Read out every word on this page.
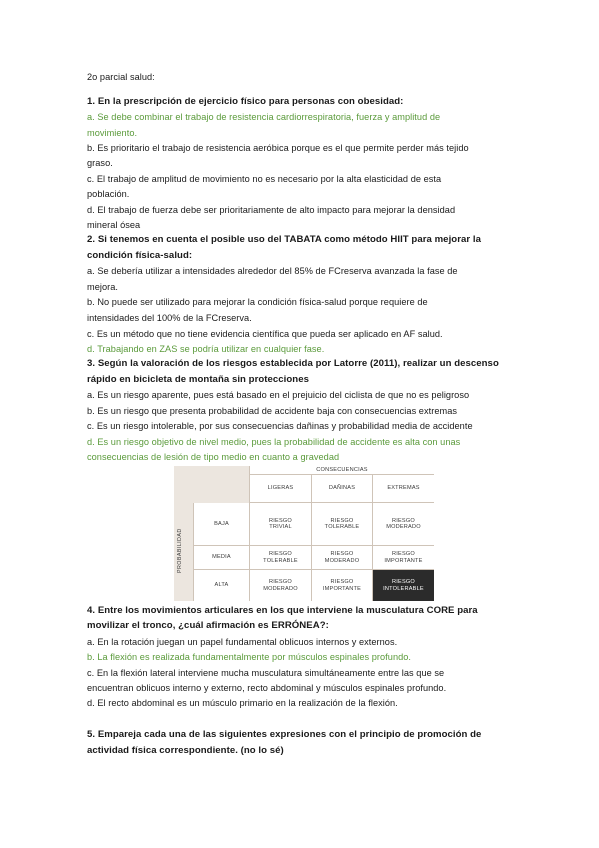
2o parcial salud:
1. En la prescripción de ejercicio físico para personas con obesidad:
a. Se debe combinar el trabajo de resistencia cardiorrespiratoria, fuerza y amplitud de
movimiento.
b. Es prioritario el trabajo de resistencia aeróbica porque es el que permite perder más tejido
graso.
c. El trabajo de amplitud de movimiento no es necesario por la alta elasticidad de esta
población.
d. El trabajo de fuerza debe ser prioritariamente de alto impacto para mejorar la densidad
mineral ósea
2. Si tenemos en cuenta el posible uso del TABATA como método HIIT para mejorar la
condición física-salud:
a. Se debería utilizar a intensidades alrededor del 85% de FCreserva avanzada la fase de
mejora.
b. No puede ser utilizado para mejorar la condición física-salud porque requiere de
intensidades del 100% de la FCreserva.
c. Es un método que no tiene evidencia científica que pueda ser aplicado en AF salud.
d. Trabajando en ZAS se podría utilizar en cualquier fase.
3. Según la valoración de los riesgos establecida por Latorre (2011), realizar un descenso
rápido en bicicleta de montaña sin protecciones
a. Es un riesgo aparente, pues está basado en el prejuicio del ciclista de que no es peligroso
b. Es un riesgo que presenta probabilidad de accidente baja con consecuencias extremas
c. Es un riesgo intolerable, por sus consecuencias dañinas y probabilidad media de accidente
d. Es un riesgo objetivo de nivel medio, pues la probabilidad de accidente es alta con unas
consecuencias de lesión de tipo medio en cuanto a gravedad
4. Entre los movimientos articulares en los que interviene la musculatura CORE para
movilizar el tronco, ¿cuál afirmación es ERRÓNEA?:
a. En la rotación juegan un papel fundamental oblicuos internos y externos.
b. La flexión es realizada fundamentalmente por músculos espinales profundo.
c. En la flexión lateral interviene mucha musculatura simultáneamente entre las que se
encuentran oblicuos interno y externo, recto abdominal y músculos espinales profundo.
d. El recto abdominal es un músculo primario en la realización de la flexión.
5. Empareja cada una de las siguientes expresiones con el principio de promoción de
actividad física correspondiente. (no lo sé)
CONSECUENCIAS
LIGERAS	DAÑINAS	EXTREMAS
PROBABILIDAD
BAJA
MEDIA
ALTA
RIESGO
TRIVIAL
RIESGO
TOLERABLE
RIESGO
MODERADO
RIESGO
TOLERABLE
RIESGO
MODERADO
RIESGO
IMPORTANTE
RIESGO
MODERADO
RIESGO
IMPORTANTE
RIESGO
INTOLERABLE
